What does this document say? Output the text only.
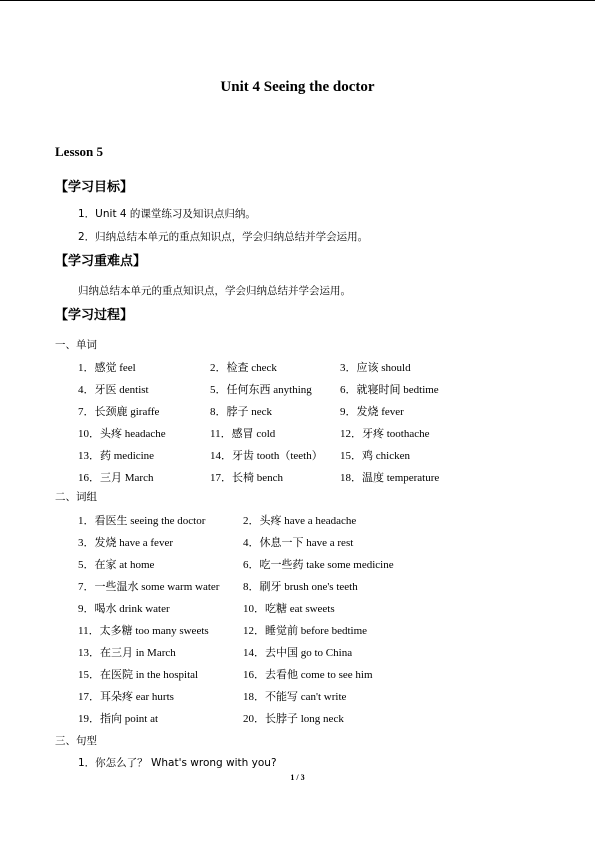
Unit 4 Seeing the doctor
Lesson 5
【学习目标】
1．Unit 4 的课堂练习及知识点归纳。
2．归纳总结本单元的重点知识点，学会归纳总结并学会运用。
【学习重难点】
归纳总结本单元的重点知识点，学会归纳总结并学会运用。
【学习过程】
一、单词
1．感觉 feel	2．检查 check	3．应该 should
4．牙医 dentist	5．任何东西 anything	6．就寝时间 bedtime
7．长颈鹿 giraffe	8．脖子 neck	9．发烧 fever
10．头疼 headache	11．感冒 cold	12．牙疼 toothache
13．药 medicine	14．牙齿 tooth（teeth） 15．鸡 chicken
16．三月 March	17．长椅 bench	18．温度 temperature
二、词组
1．看医生 seeing the doctor	2．头疼 have a headache
3．发烧 have a fever	4．休息一下 have a rest
5．在家 at home	6．吃一些药 take some medicine
7．一些温水 some warm water 8．刷牙 brush one's teeth
9．喝水 drink water	10．吃糖 eat sweets
11．太多糖 too many sweets	12．睡觉前 before bedtime
13．在三月 in March	14．去中国 go to China
15．在医院 in the hospital	16．去看他 come to see him
17．耳朵疼 ear hurts	18．不能写 can't write
19．指向 point at	20．长脖子 long neck
三、句型
1．你怎么了？ What's wrong with you?
1 / 3
